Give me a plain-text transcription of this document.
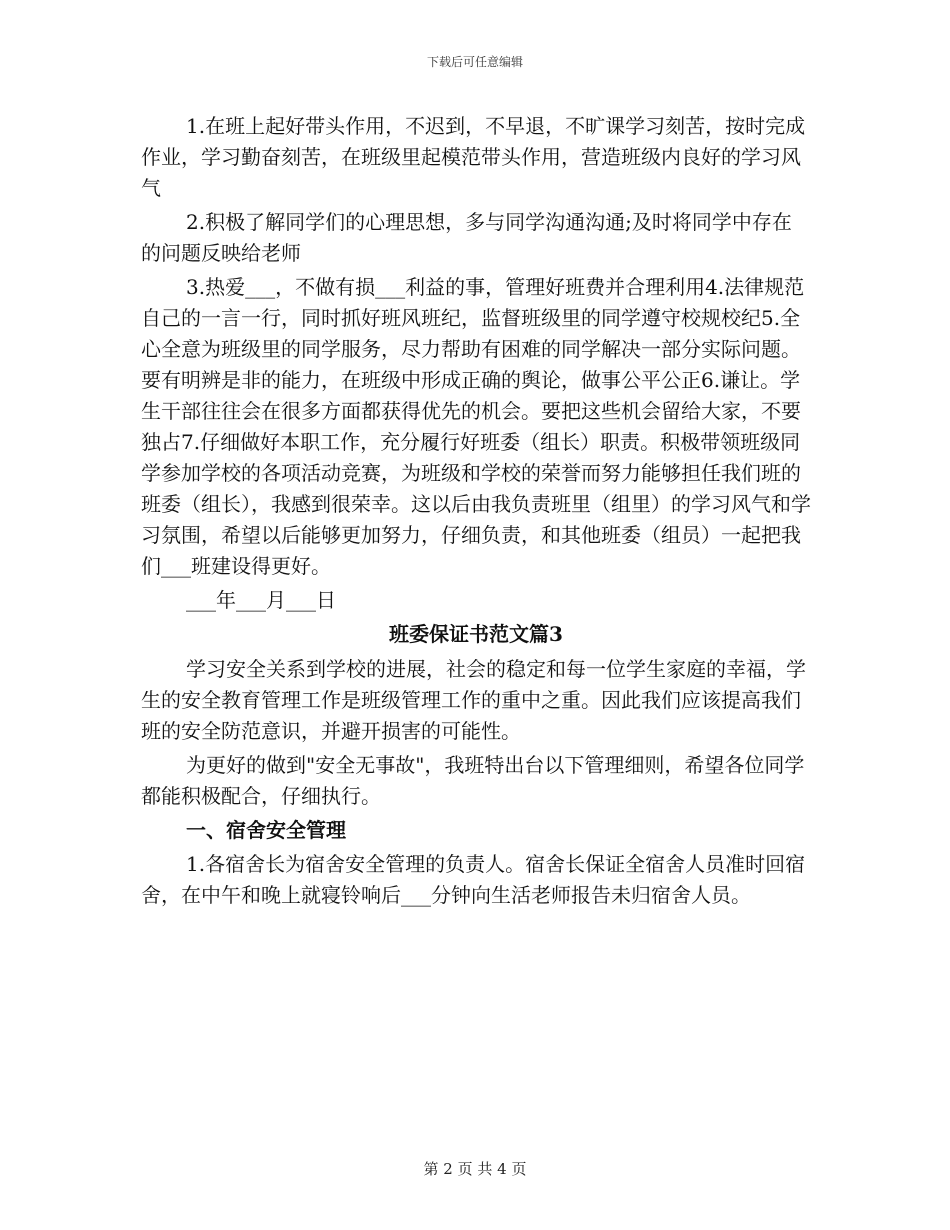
下载后可任意编辑

1.在班上起好带头作用，不迟到，不早退，不旷课学习刻苦，按时完成作业，学习勤奋刻苦，在班级里起模范带头作用，营造班级内良好的学习风气

2.积极了解同学们的心理思想，多与同学沟通沟通;及时将同学中存在的问题反映给老师

3.热爱___，不做有损___利益的事，管理好班费并合理利用4.法律规范自己的一言一行，同时抓好班风班纪，监督班级里的同学遵守校规校纪5.全心全意为班级里的同学服务，尽力帮助有困难的同学解决一部分实际问题。要有明辨是非的能力，在班级中形成正确的舆论，做事公平公正6.谦让。学生干部往往会在很多方面都获得优先的机会。要把这些机会留给大家，不要独占7.仔细做好本职工作，充分履行好班委（组长）职责。积极带领班级同学参加学校的各项活动竞赛，为班级和学校的荣誉而努力能够担任我们班的班委（组长），我感到很荣幸。这以后由我负责班里（组里）的学习风气和学习氛围，希望以后能够更加努力，仔细负责，和其他班委（组员）一起把我们___班建设得更好。

___年___月___日

班委保证书范文篇3

学习安全关系到学校的进展，社会的稳定和每一位学生家庭的幸福，学生的安全教育管理工作是班级管理工作的重中之重。因此我们应该提高我们班的安全防范意识，并避开损害的可能性。

为更好的做到"安全无事故"，我班特出台以下管理细则，希望各位同学都能积极配合，仔细执行。

一、宿舍安全管理

1.各宿舍长为宿舍安全管理的负责人。宿舍长保证全宿舍人员准时回宿舍，在中午和晚上就寝铃响后___分钟向生活老师报告未归宿舍人员。

第 2 页 共 4 页
